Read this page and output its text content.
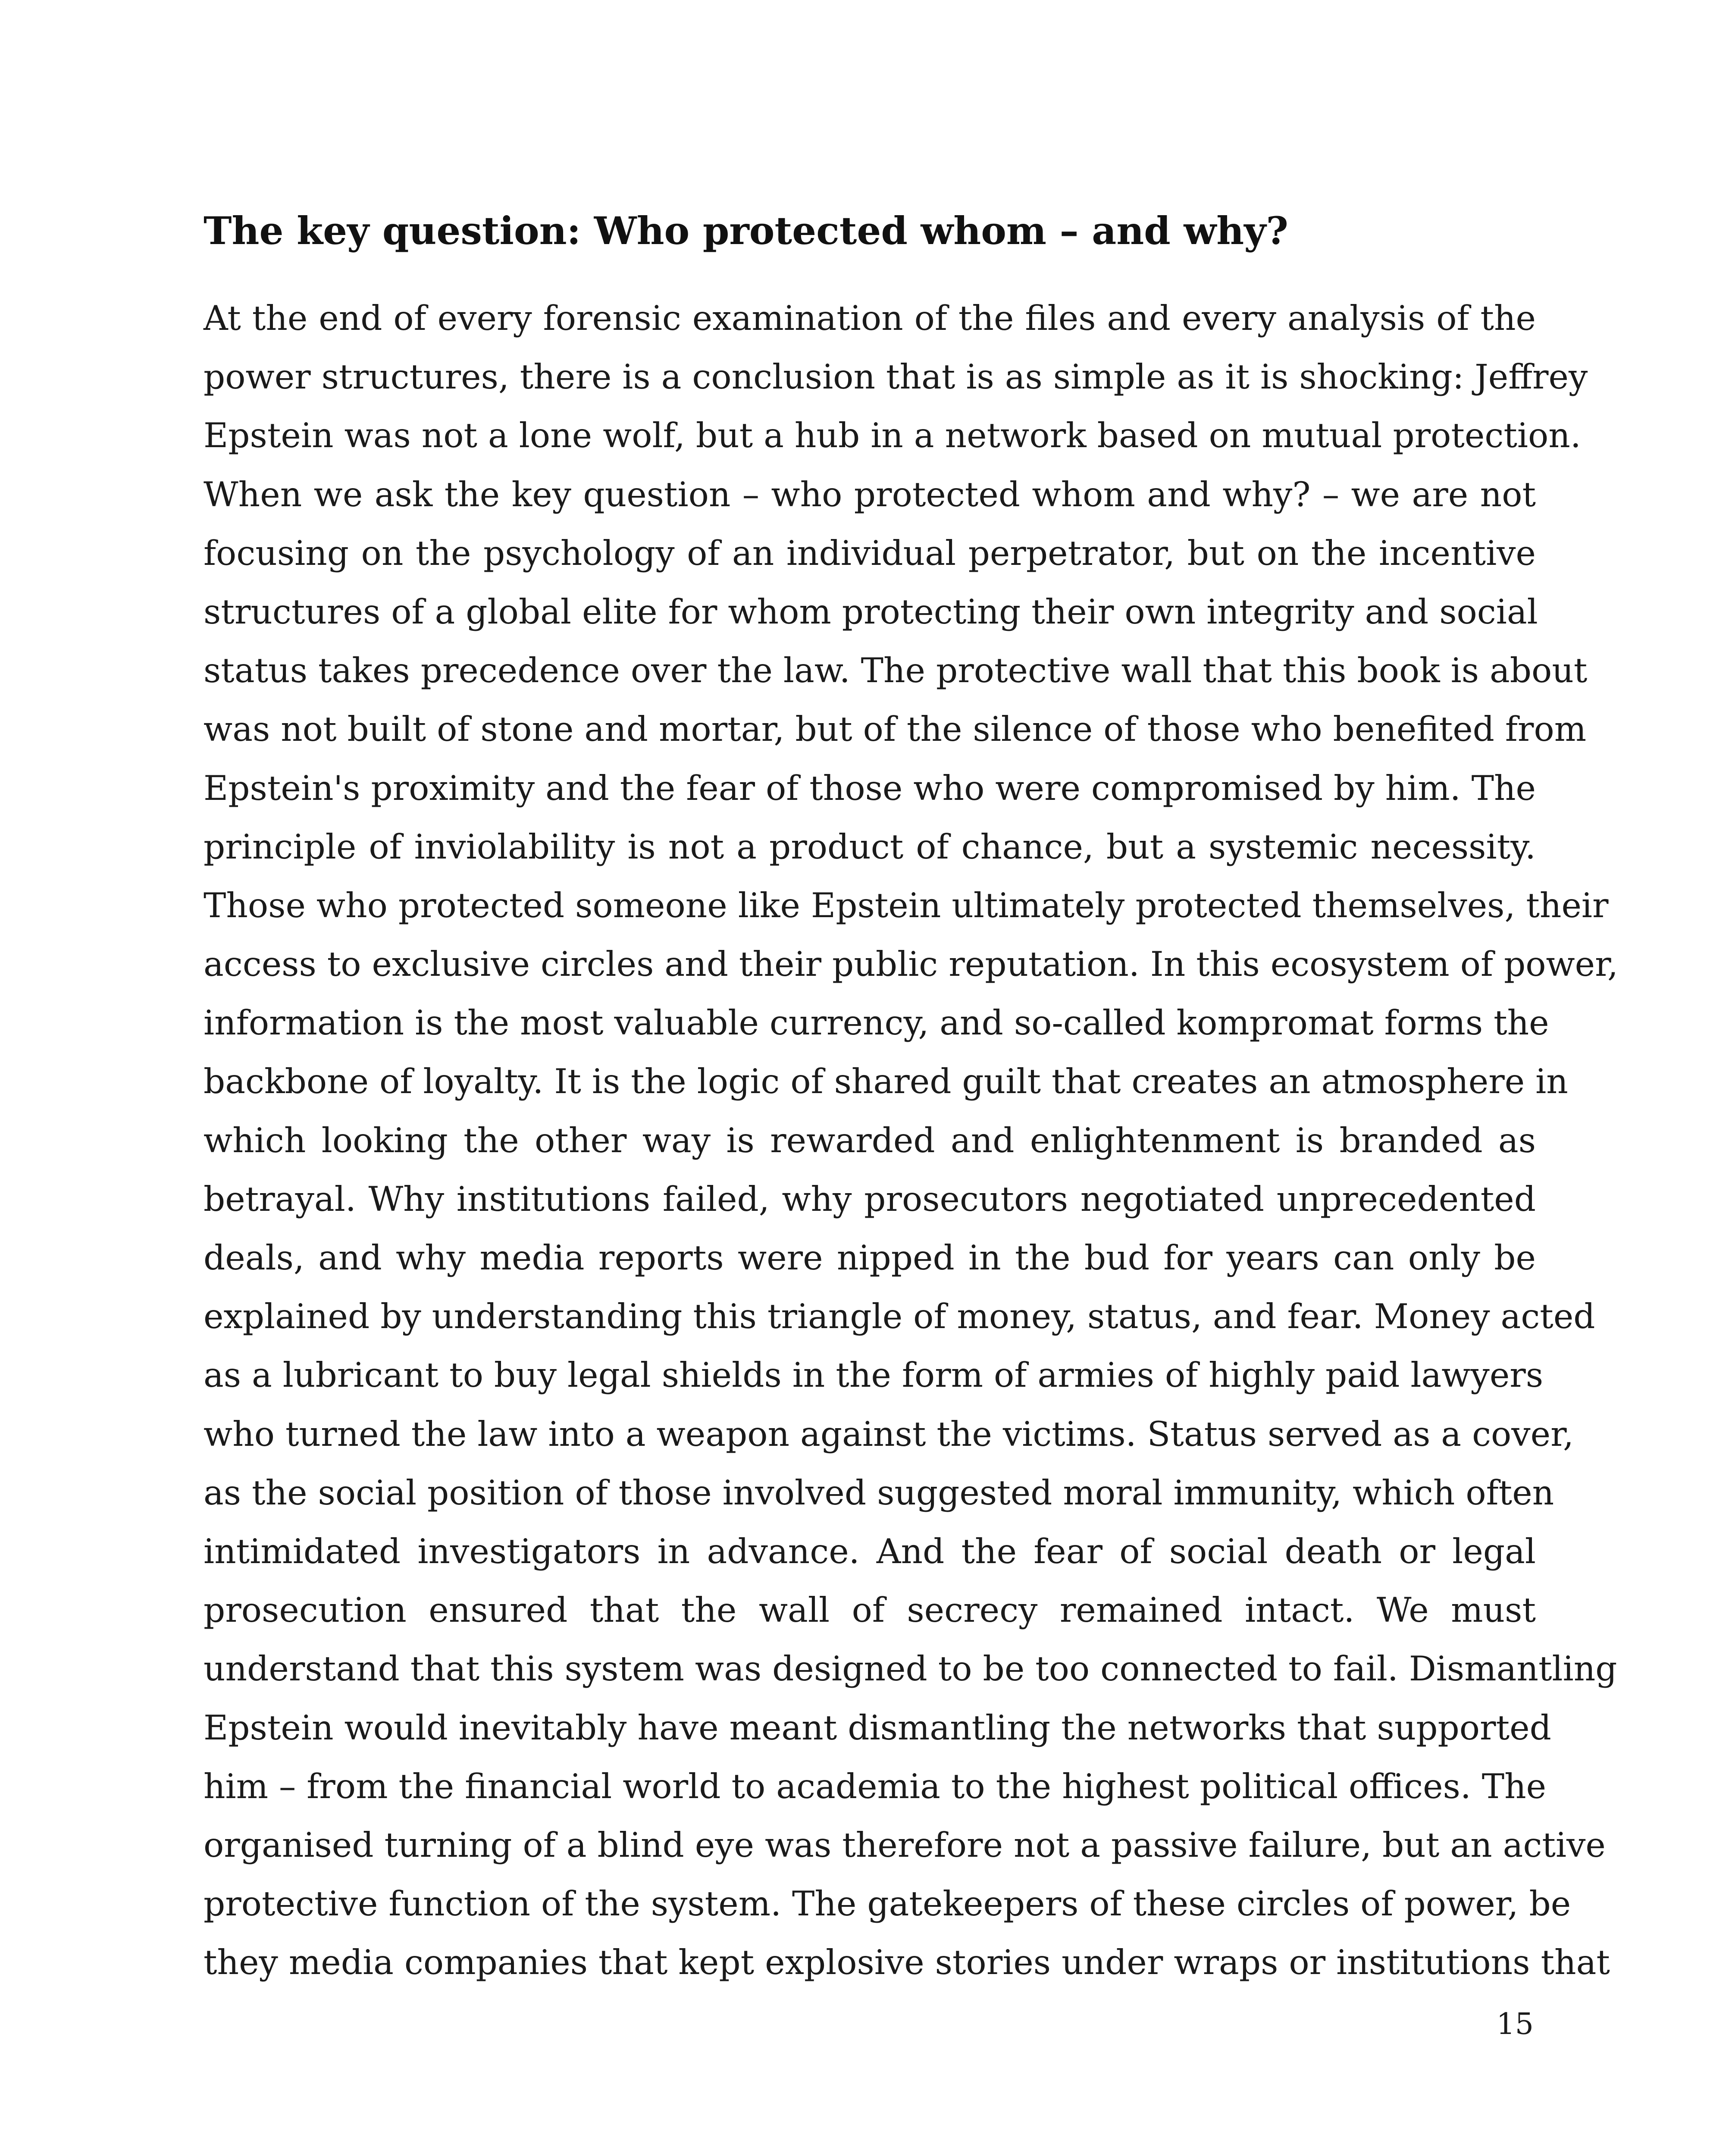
The key question: Who protected whom – and why?
At the end of every forensic examination of the files and every analysis of the
power structures, there is a conclusion that is as simple as it is shocking: Jeffrey
Epstein was not a lone wolf, but a hub in a network based on mutual protection.
When we ask the key question – who protected whom and why? – we are not
focusing on the psychology of an individual perpetrator, but on the incentive
structures of a global elite for whom protecting their own integrity and social
status takes precedence over the law. The protective wall that this book is about
was not built of stone and mortar, but of the silence of those who benefited from
Epstein's proximity and the fear of those who were compromised by him. The
principle of inviolability is not a product of chance, but a systemic necessity.
Those who protected someone like Epstein ultimately protected themselves, their
access to exclusive circles and their public reputation. In this ecosystem of power,
information is the most valuable currency, and so-called kompromat forms the
backbone of loyalty. It is the logic of shared guilt that creates an atmosphere in
which looking the other way is rewarded and enlightenment is branded as
betrayal. Why institutions failed, why prosecutors negotiated unprecedented
deals, and why media reports were nipped in the bud for years can only be
explained by understanding this triangle of money, status, and fear. Money acted
as a lubricant to buy legal shields in the form of armies of highly paid lawyers
who turned the law into a weapon against the victims. Status served as a cover,
as the social position of those involved suggested moral immunity, which often
intimidated investigators in advance. And the fear of social death or legal
prosecution ensured that the wall of secrecy remained intact. We must
understand that this system was designed to be too connected to fail. Dismantling
Epstein would inevitably have meant dismantling the networks that supported
him – from the financial world to academia to the highest political offices. The
organised turning of a blind eye was therefore not a passive failure, but an active
protective function of the system. The gatekeepers of these circles of power, be
they media companies that kept explosive stories under wraps or institutions that
15
